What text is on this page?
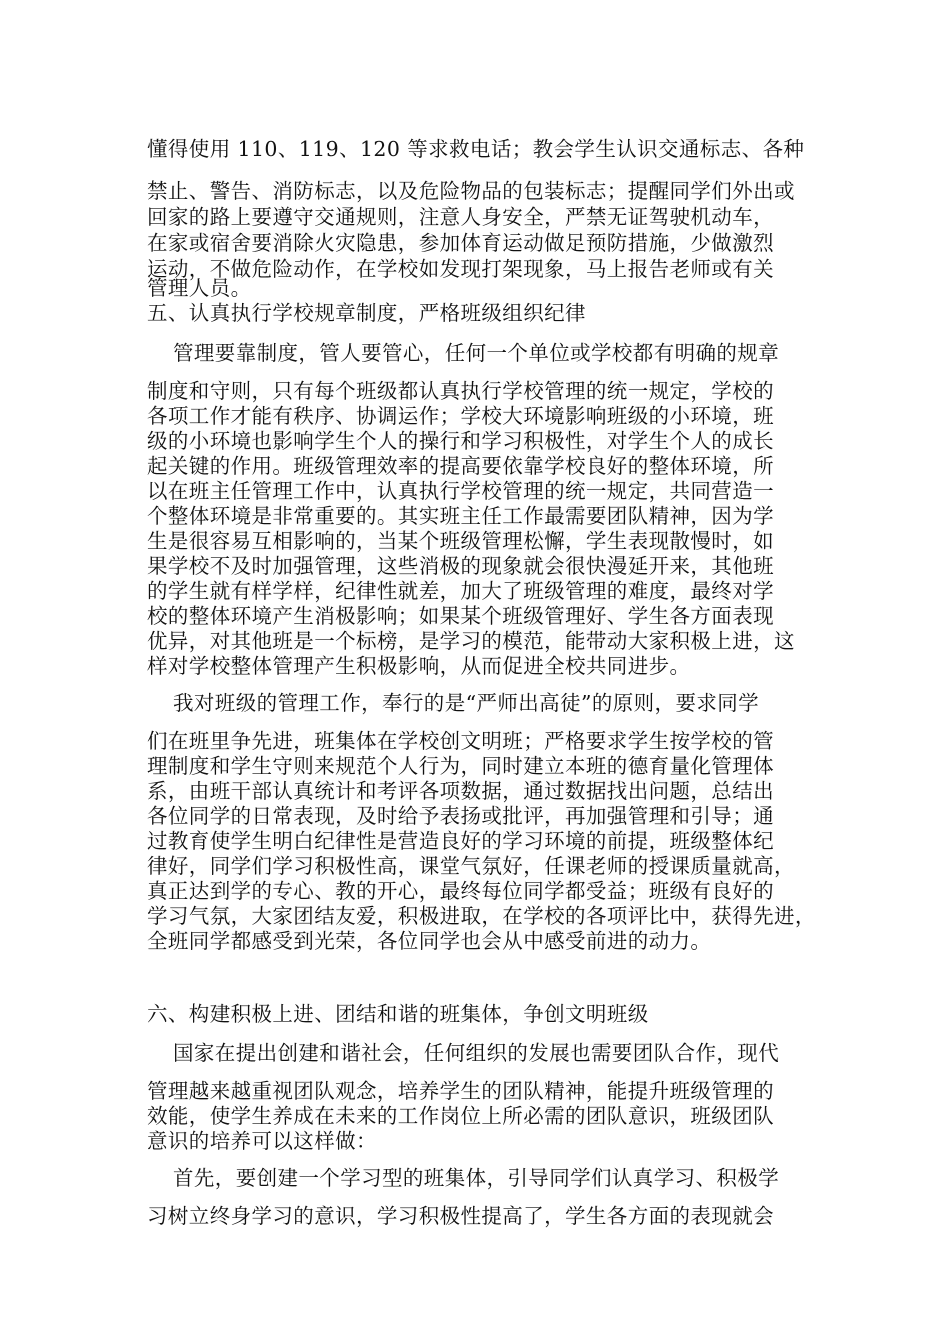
懂得使用 110、119、120 等求救电话；教会学生认识交通标志、各种
禁止、警告、消防标志，以及危险物品的包装标志；提醒同学们外出或
回家的路上要遵守交通规则，注意人身安全，严禁无证驾驶机动车，
在家或宿舍要消除火灾隐患，参加体育运动做足预防措施，少做激烈
运动，不做危险动作，在学校如发现打架现象，马上报告老师或有关
管理人员。
五、认真执行学校规章制度，严格班级组织纪律
管理要靠制度，管人要管心，任何一个单位或学校都有明确的规章
制度和守则，只有每个班级都认真执行学校管理的统一规定，学校的
各项工作才能有秩序、协调运作；学校大环境影响班级的小环境，班
级的小环境也影响学生个人的操行和学习积极性，对学生个人的成长
起关键的作用。班级管理效率的提高要依靠学校良好的整体环境，所
以在班主任管理工作中，认真执行学校管理的统一规定，共同营造一
个整体环境是非常重要的。其实班主任工作最需要团队精神，因为学
生是很容易互相影响的，当某个班级管理松懈，学生表现散慢时，如
果学校不及时加强管理，这些消极的现象就会很快漫延开来，其他班
的学生就有样学样，纪律性就差，加大了班级管理的难度，最终对学
校的整体环境产生消极影响；如果某个班级管理好、学生各方面表现
优异，对其他班是一个标榜，是学习的模范，能带动大家积极上进，这
样对学校整体管理产生积极影响，从而促进全校共同进步。
我对班级的管理工作，奉行的是“严师出高徒”的原则，要求同学
们在班里争先进，班集体在学校创文明班；严格要求学生按学校的管
理制度和学生守则来规范个人行为，同时建立本班的德育量化管理体
系，由班干部认真统计和考评各项数据，通过数据找出问题，总结出
各位同学的日常表现，及时给予表扬或批评，再加强管理和引导；通
过教育使学生明白纪律性是营造良好的学习环境的前提，班级整体纪
律好，同学们学习积极性高，课堂气氛好，任课老师的授课质量就高，
真正达到学的专心、教的开心，最终每位同学都受益；班级有良好的
学习气氛，大家团结友爱，积极进取，在学校的各项评比中，获得先进，
全班同学都感受到光荣，各位同学也会从中感受前进的动力。
六、构建积极上进、团结和谐的班集体，争创文明班级
国家在提出创建和谐社会，任何组织的发展也需要团队合作，现代
管理越来越重视团队观念，培养学生的团队精神，能提升班级管理的
效能，使学生养成在未来的工作岗位上所必需的团队意识，班级团队
意识的培养可以这样做：
首先，要创建一个学习型的班集体，引导同学们认真学习、积极学
习树立终身学习的意识，学习积极性提高了，学生各方面的表现就会
